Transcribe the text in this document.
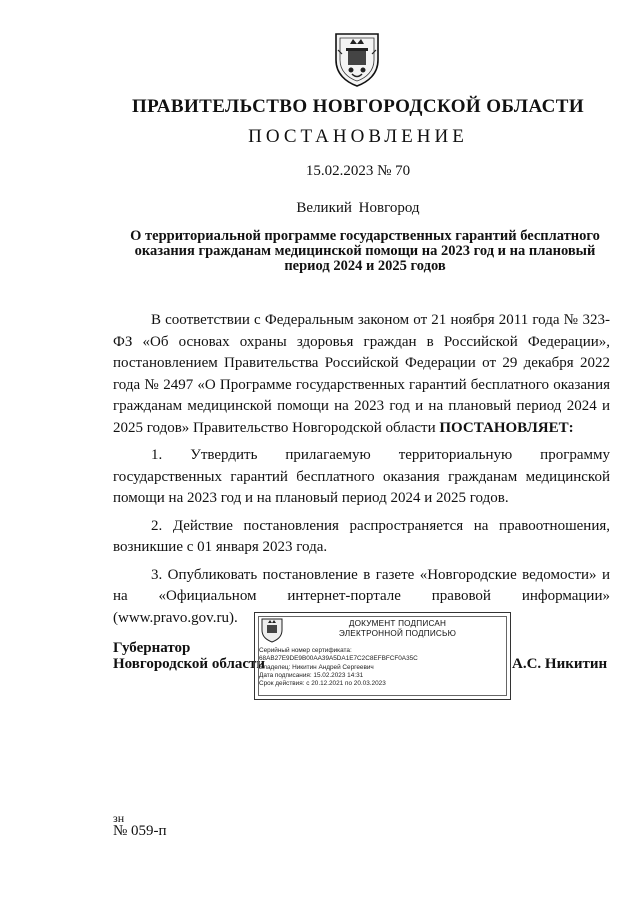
ПРАВИТЕЛЬСТВО НОВГОРОДСКОЙ ОБЛАСТИ
ПОСТАНОВЛЕНИЕ
15.02.2023 № 70
Великий Новгород
О территориальной программе государственных гарантий бесплатного оказания гражданам медицинской помощи на 2023 год и на плановый период 2024 и 2025 годов

В соответствии с Федеральным законом от 21 ноября 2011 года № 323-ФЗ «Об основах охраны здоровья граждан в Российской Федерации», постановлением Правительства Российской Федерации от 29 декабря 2022 года № 2497 «О Программе государственных гарантий бесплатного оказания гражданам медицинской помощи на 2023 год и на плановый период 2024 и 2025 годов» Правительство Новгородской области ПОСТАНОВЛЯЕТ:

1. Утвердить прилагаемую территориальную программу государственных гарантий бесплатного оказания гражданам медицинской помощи на 2023 год и на плановый период 2024 и 2025 годов.

2. Действие постановления распространяется на правоотношения, возникшие с 01 января 2023 года.

3. Опубликовать постановление в газете «Новгородские ведомости» и на «Официальном интернет-портале правовой информации» (www.pravo.gov.ru).

Губернатор
Новгородской области
ДОКУМЕНТ ПОДПИСАН
ЭЛЕКТРОННОЙ ПОДПИСЬЮ
Серийный номер сертификата:
68AB27E9DE9B00AA39A5DA1E7C2C8EFBFCF0A35C
Владелец: Никитин Андрей Сергеевич
Дата подписания: 15.02.2023 14:31
Срок действия: с 20.12.2021 по 20.03.2023
А.С. Никитин
зн
№ 059-п
